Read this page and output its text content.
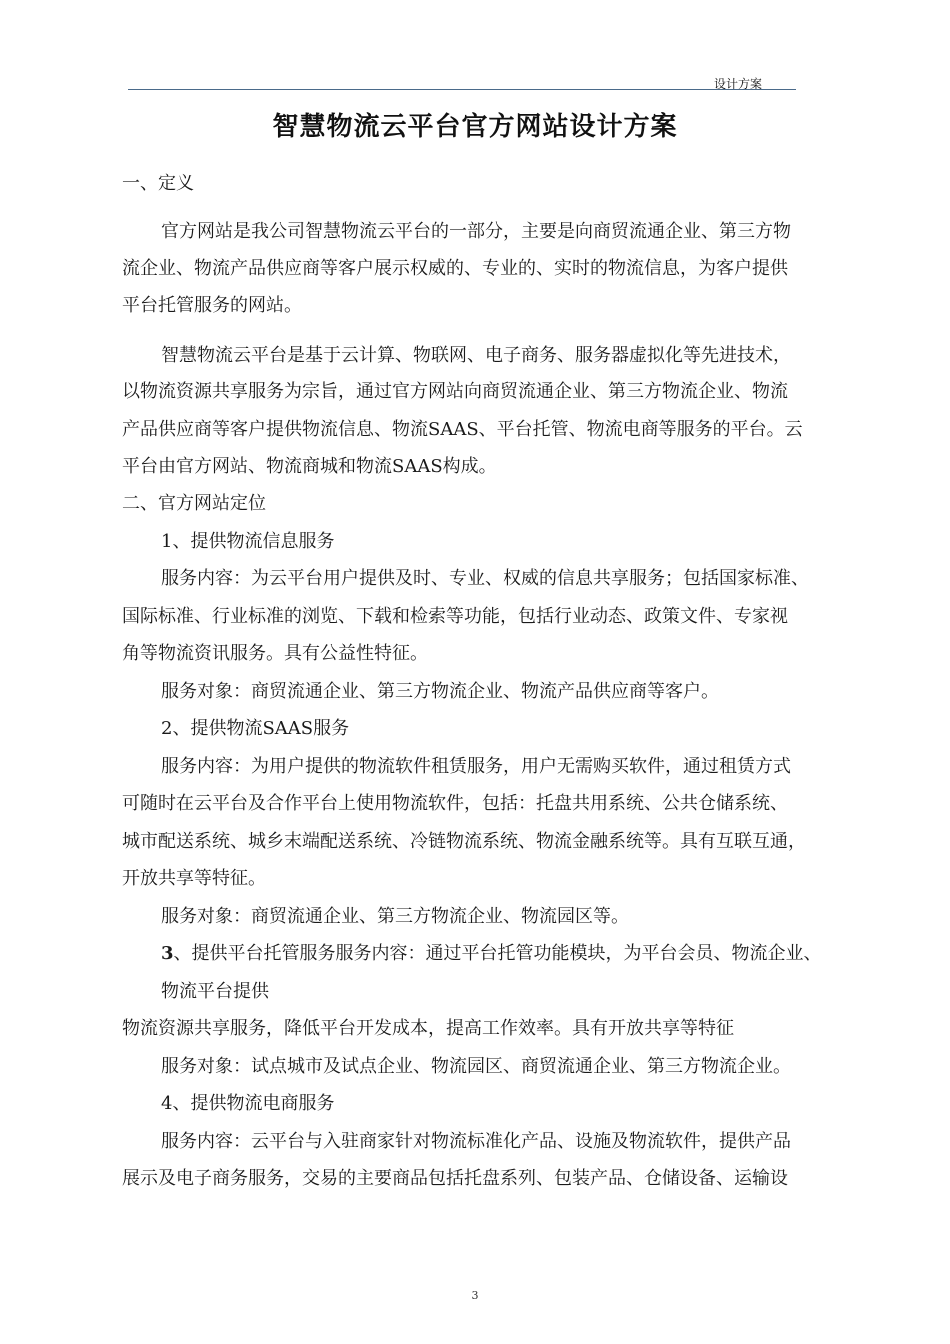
设计方案
智慧物流云平台官方网站设计方案
一、定义
官方网站是我公司智慧物流云平台的一部分，主要是向商贸流通企业、第三方物
流企业、物流产品供应商等客户展示权威的、专业的、实时的物流信息，为客户提供
平台托管服务的网站。
智慧物流云平台是基于云计算、物联网、电子商务、服务器虚拟化等先进技术，
以物流资源共享服务为宗旨，通过官方网站向商贸流通企业、第三方物流企业、物流
产品供应商等客户提供物流信息、物流SAAS、平台托管、物流电商等服务的平台。云
平台由官方网站、物流商城和物流SAAS构成。
二、官方网站定位
1、提供物流信息服务
服务内容：为云平台用户提供及时、专业、权威的信息共享服务；包括国家标准、
国际标准、行业标准的浏览、下载和检索等功能，包括行业动态、政策文件、专家视
角等物流资讯服务。具有公益性特征。
服务对象：商贸流通企业、第三方物流企业、物流产品供应商等客户。
2、提供物流SAAS服务
服务内容：为用户提供的物流软件租赁服务，用户无需购买软件，通过租赁方式
可随时在云平台及合作平台上使用物流软件，包括：托盘共用系统、公共仓储系统、
城市配送系统、城乡末端配送系统、冷链物流系统、物流金融系统等。具有互联互通，
开放共享等特征。
服务对象：商贸流通企业、第三方物流企业、物流园区等。
3、提供平台托管服务服务内容：通过平台托管功能模块，为平台会员、物流企业、
物流平台提供
物流资源共享服务，降低平台开发成本，提高工作效率。具有开放共享等特征
服务对象：试点城市及试点企业、物流园区、商贸流通企业、第三方物流企业。
4、提供物流电商服务
服务内容：云平台与入驻商家针对物流标准化产品、设施及物流软件，提供产品
展示及电子商务服务，交易的主要商品包括托盘系列、包装产品、仓储设备、运输设
3
